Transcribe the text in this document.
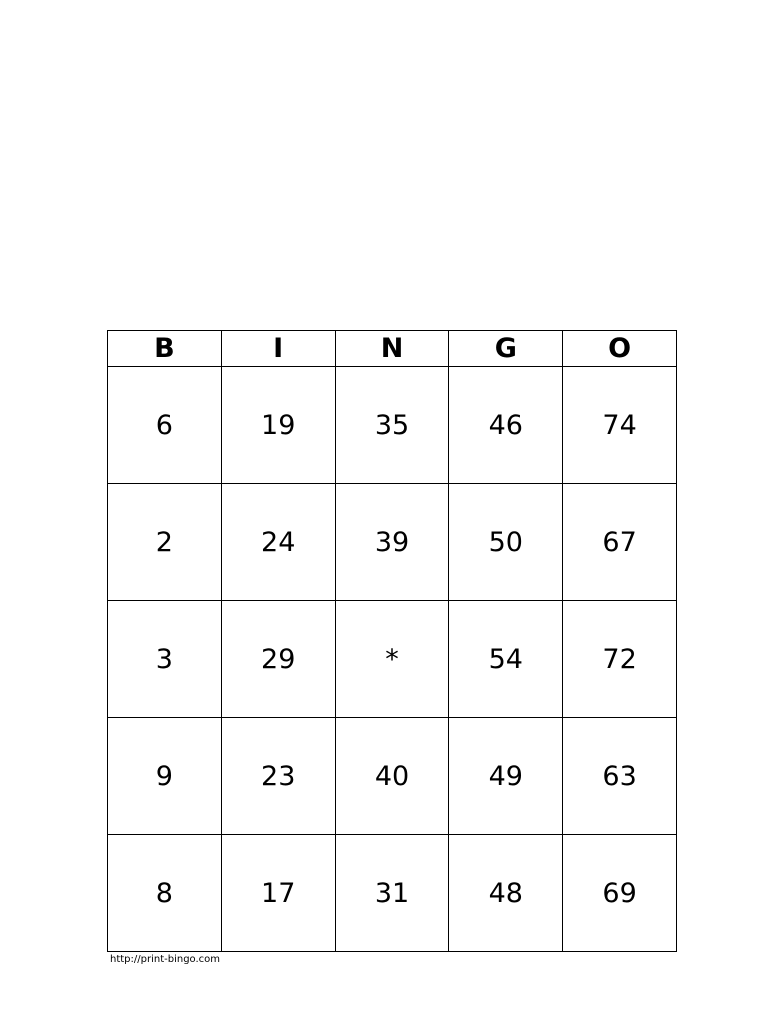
B	I	N	G	O
6	19	35	46	74
2	24	39	50	67
3	29	*	54	72
9	23	40	49	63
8	17	31	48	69
http://print-bingo.com
